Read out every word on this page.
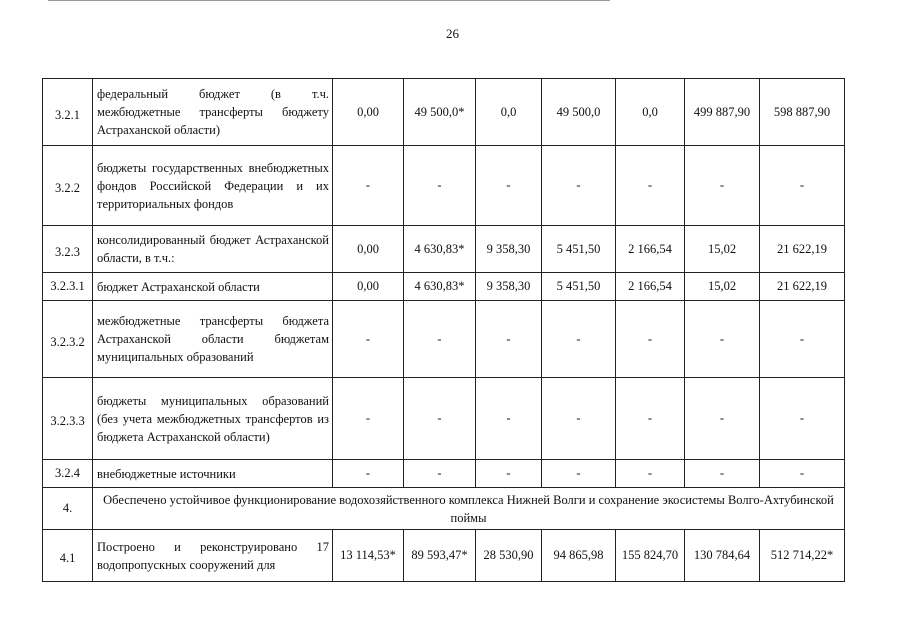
26
3.2.1	федеральный бюджет (в т.ч. межбюджетные трансферты бюджету Астраханской области)	0,00	49 500,0*	0,0	49 500,0	0,0	499 887,90	598 887,90
3.2.2	бюджеты государственных внебюджетных фондов Российской Федерации и их территориальных фондов	-	-	-	-	-	-	-
3.2.3	консолидированный бюджет Астраханской области, в т.ч.:	0,00	4 630,83*	9 358,30	5 451,50	2 166,54	15,02	21 622,19
3.2.3.1	бюджет Астраханской области	0,00	4 630,83*	9 358,30	5 451,50	2 166,54	15,02	21 622,19
3.2.3.2	межбюджетные трансферты бюджета Астраханской области бюджетам муниципальных образований	-	-	-	-	-	-	-
3.2.3.3	бюджеты муниципальных образований (без учета межбюджетных трансфертов из бюджета Астраханской области)	-	-	-	-	-	-	-
3.2.4	внебюджетные источники	-	-	-	-	-	-	-
4.	Обеспечено устойчивое функционирование водохозяйственного комплекса Нижней Волги и сохранение экосистемы Волго-Ахтубинской поймы							
4.1	Построено и реконструировано 17 водопропускных сооружений для	13 114,53*	89 593,47*	28 530,90	94 865,98	155 824,70	130 784,64	512 714,22*
